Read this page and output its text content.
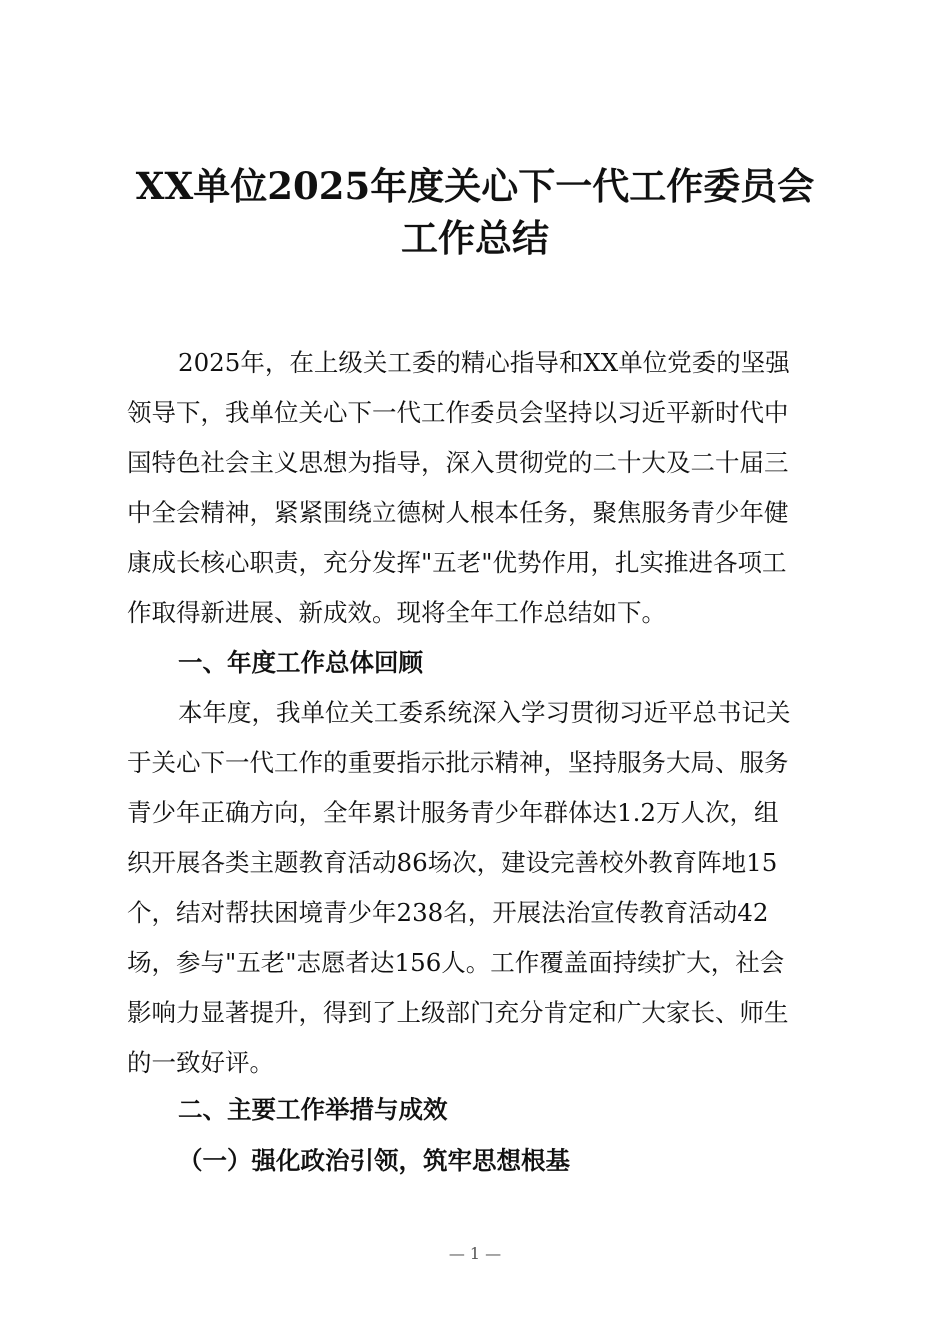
XX单位2025年度关心下一代工作委员会
工作总结
2025年，在上级关工委的精心指导和XX单位党委的坚强
领导下，我单位关心下一代工作委员会坚持以习近平新时代中
国特色社会主义思想为指导，深入贯彻党的二十大及二十届三
中全会精神，紧紧围绕立德树人根本任务，聚焦服务青少年健
康成长核心职责，充分发挥"五老"优势作用，扎实推进各项工
作取得新进展、新成效。现将全年工作总结如下。
一、年度工作总体回顾
本年度，我单位关工委系统深入学习贯彻习近平总书记关
于关心下一代工作的重要指示批示精神，坚持服务大局、服务
青少年正确方向，全年累计服务青少年群体达1.2万人次，组
织开展各类主题教育活动86场次，建设完善校外教育阵地15
个，结对帮扶困境青少年238名，开展法治宣传教育活动42
场，参与"五老"志愿者达156人。工作覆盖面持续扩大，社会
影响力显著提升，得到了上级部门充分肯定和广大家长、师生
的一致好评。
二、主要工作举措与成效
（一）强化政治引领，筑牢思想根基
— 1 —
